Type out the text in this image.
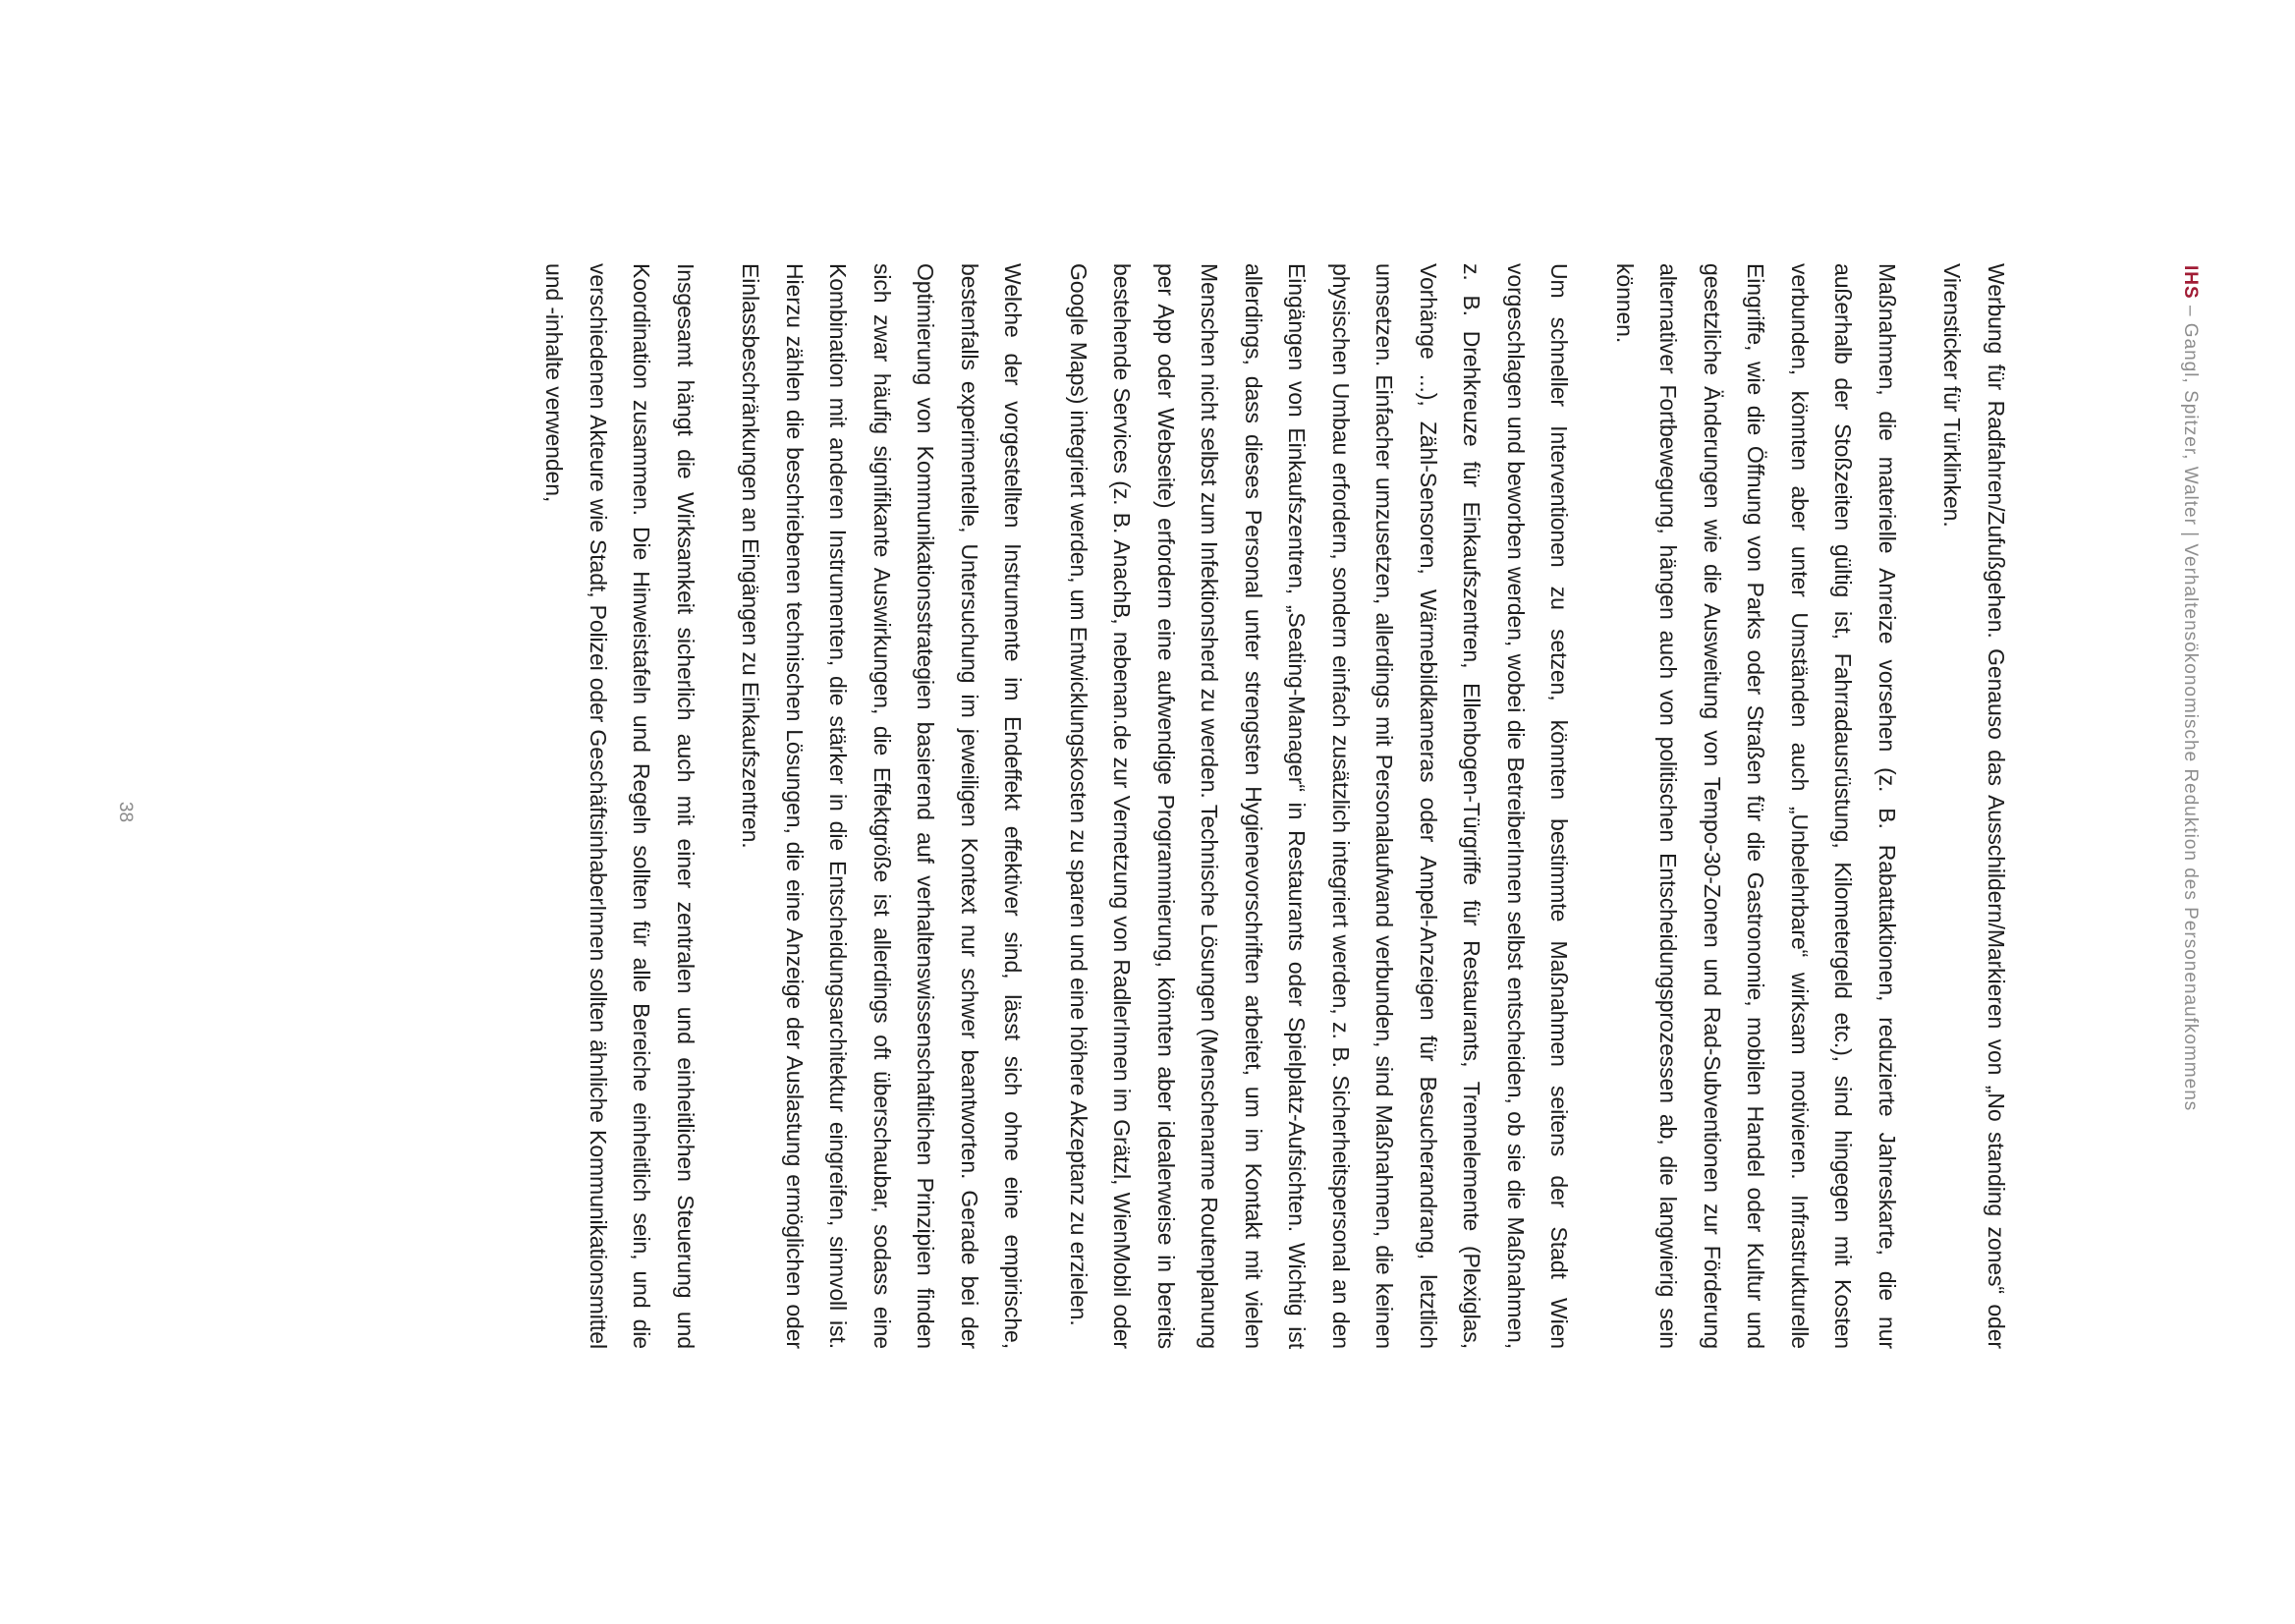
IHS – Gangl, Spitzer, Walter | Verhaltensökonomische Reduktion des Personenaufkommens

Werbung für Radfahren/Zufußgehen. Genauso das Ausschildern/Markieren von „No standing zones“ oder Virensticker für Türklinken.

Maßnahmen, die materielle Anreize vorsehen (z. B. Rabattaktionen, reduzierte Jahreskarte, die nur außerhalb der Stoßzeiten gültig ist, Fahrradausrüstung, Kilometergeld etc.), sind hingegen mit Kosten verbunden, könnten aber unter Umständen auch „Unbelehrbare“ wirksam motivieren. Infrastrukturelle Eingriffe, wie die Öffnung von Parks oder Straßen für die Gastronomie, mobilen Handel oder Kultur und gesetzliche Änderungen wie die Ausweitung von Tempo-30-Zonen und Rad-Subventionen zur Förderung alternativer Fortbewegung, hängen auch von politischen Entscheidungsprozessen ab, die langwierig sein können.

Um schneller Interventionen zu setzen, könnten bestimmte Maßnahmen seitens der Stadt Wien vorgeschlagen und beworben werden, wobei die BetreiberInnen selbst entscheiden, ob sie die Maßnahmen, z. B. Drehkreuze für Einkaufszentren, Ellenbogen-Türgriffe für Restaurants, Trennelemente (Plexiglas, Vorhänge ...), Zähl-Sensoren, Wärmebildkameras oder Ampel-Anzeigen für Besucherandrang, letztlich umsetzen. Einfacher umzusetzen, allerdings mit Personalaufwand verbunden, sind Maßnahmen, die keinen physischen Umbau erfordern, sondern einfach zusätzlich integriert werden, z. B. Sicherheitspersonal an den Eingängen von Einkaufszentren, „Seating-Manager“ in Restaurants oder Spielplatz-Aufsichten. Wichtig ist allerdings, dass dieses Personal unter strengsten Hygienevorschriften arbeitet, um im Kontakt mit vielen Menschen nicht selbst zum Infektionsherd zu werden. Technische Lösungen (Menschenarme Routenplanung per App oder Webseite) erfordern eine aufwendige Programmierung, könnten aber idealerweise in bereits bestehende Services (z. B. AnachB, nebenan.de zur Vernetzung von RadlerInnen im Grätzl, WienMobil oder Google Maps) integriert werden, um Entwicklungskosten zu sparen und eine höhere Akzeptanz zu erzielen.

Welche der vorgestellten Instrumente im Endeffekt effektiver sind, lässt sich ohne eine empirische, bestenfalls experimentelle, Untersuchung im jeweiligen Kontext nur schwer beantworten. Gerade bei der Optimierung von Kommunikationsstrategien basierend auf verhaltenswissenschaftlichen Prinzipien finden sich zwar häufig signifikante Auswirkungen, die Effektgröße ist allerdings oft überschaubar, sodass eine Kombination mit anderen Instrumenten, die stärker in die Entscheidungsarchitektur eingreifen, sinnvoll ist. Hierzu zählen die beschriebenen technischen Lösungen, die eine Anzeige der Auslastung ermöglichen oder Einlassbeschränkungen an Eingängen zu Einkaufszentren.

Insgesamt hängt die Wirksamkeit sicherlich auch mit einer zentralen und einheitlichen Steuerung und Koordination zusammen. Die Hinweistafeln und Regeln sollten für alle Bereiche einheitlich sein, und die verschiedenen Akteure wie Stadt, Polizei oder GeschäftsinhaberInnen sollten ähnliche Kommunikationsmittel und -inhalte verwenden,

38
